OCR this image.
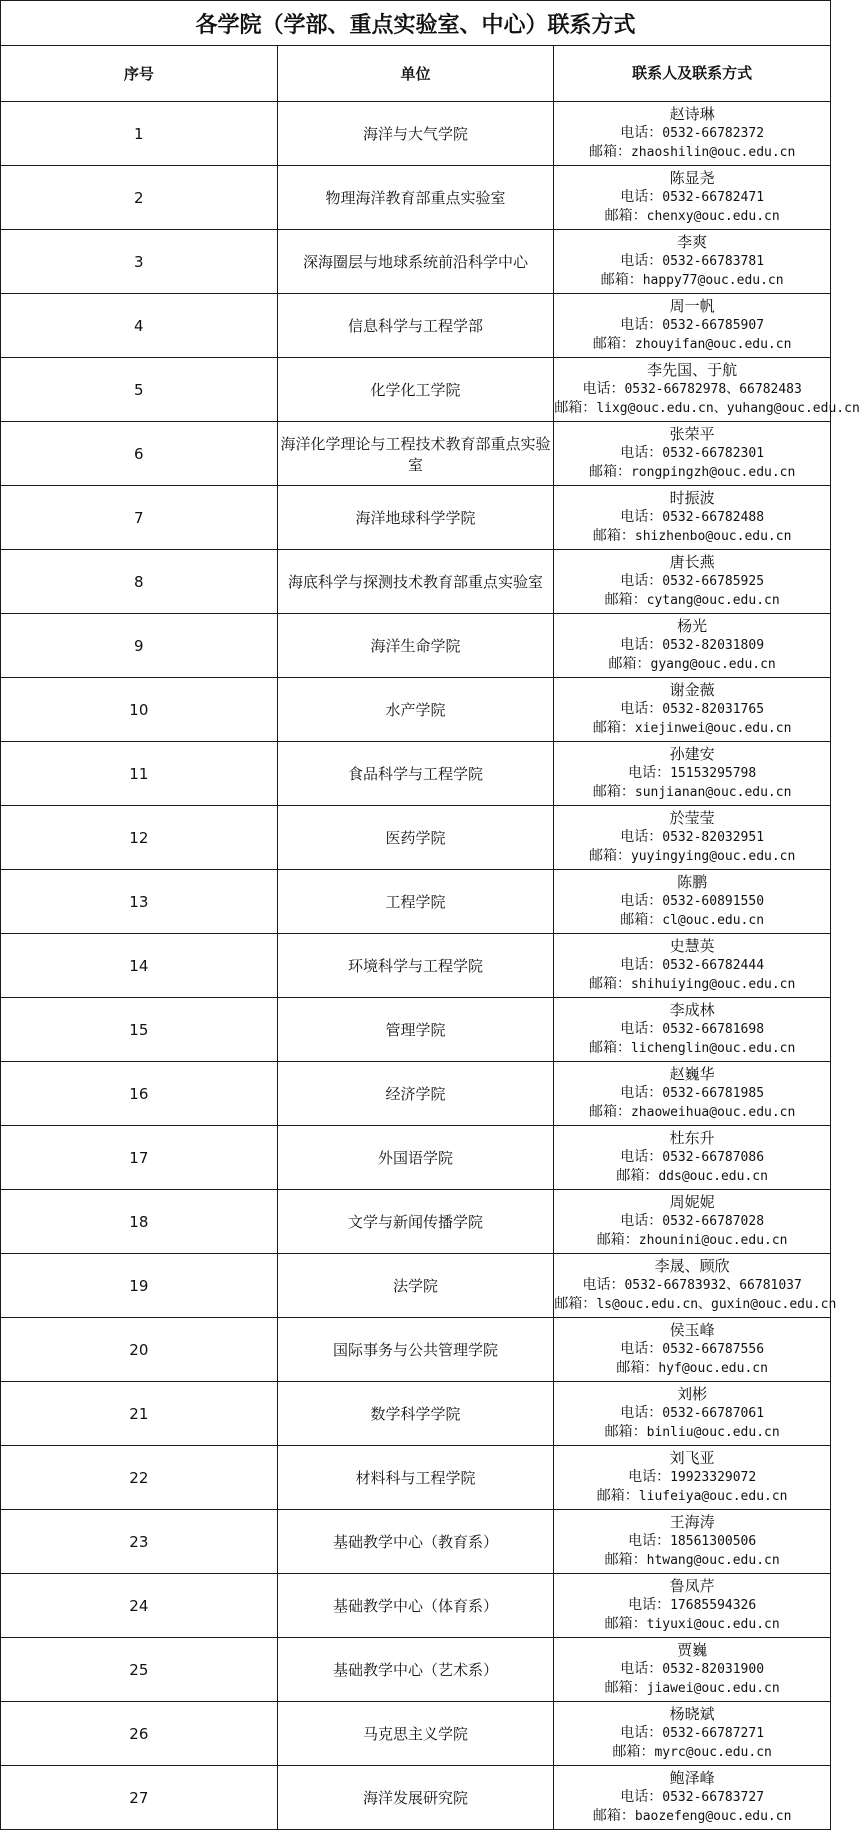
各学院（学部、重点实验室、中心）联系方式		
序号	单位	联系人及联系方式
1	海洋与大气学院	赵诗琳
电话：0532-66782372
邮箱：zhaoshilin@ouc.edu.cn

2	物理海洋教育部重点实验室	陈显尧
电话：0532-66782471
邮箱：chenxy@ouc.edu.cn

3	深海圈层与地球系统前沿科学中心	李爽
电话：0532-66783781
邮箱：happy77@ouc.edu.cn

4	信息科学与工程学部	周一帆
电话：0532-66785907
邮箱：zhouyifan@ouc.edu.cn

5	化学化工学院	李先国、于航
电话：0532-66782978、66782483
邮箱：lixg@ouc.edu.cn、yuhang@ouc.edu.cn

6	海洋化学理论与工程技术教育部重点实验室	张荣平
电话：0532-66782301
邮箱：rongpingzh@ouc.edu.cn

7	海洋地球科学学院	时振波
电话：0532-66782488
邮箱：shizhenbo@ouc.edu.cn

8	海底科学与探测技术教育部重点实验室	唐长燕
电话：0532-66785925
邮箱：cytang@ouc.edu.cn

9	海洋生命学院	杨光
电话：0532-82031809
邮箱：gyang@ouc.edu.cn

10	水产学院	谢金薇
电话：0532-82031765
邮箱：xiejinwei@ouc.edu.cn

11	食品科学与工程学院	孙建安
电话：15153295798
邮箱：sunjianan@ouc.edu.cn

12	医药学院	於莹莹
电话：0532-82032951
邮箱：yuyingying@ouc.edu.cn

13	工程学院	陈鹏
电话：0532-60891550
邮箱：cl@ouc.edu.cn

14	环境科学与工程学院	史慧英
电话：0532-66782444
邮箱：shihuiying@ouc.edu.cn

15	管理学院	李成林
电话：0532-66781698
邮箱：lichenglin@ouc.edu.cn

16	经济学院	赵巍华
电话：0532-66781985
邮箱：zhaoweihua@ouc.edu.cn

17	外国语学院	杜东升
电话：0532-66787086
邮箱：dds@ouc.edu.cn

18	文学与新闻传播学院	周妮妮
电话：0532-66787028
邮箱：zhounini@ouc.edu.cn

19	法学院	李晟、顾欣
电话：0532-66783932、66781037
邮箱：ls@ouc.edu.cn、guxin@ouc.edu.cn

20	国际事务与公共管理学院	侯玉峰
电话：0532-66787556
邮箱：hyf@ouc.edu.cn

21	数学科学学院	刘彬
电话：0532-66787061
邮箱：binliu@ouc.edu.cn

22	材料科与工程学院	刘飞亚
电话：19923329072
邮箱：liufeiya@ouc.edu.cn

23	基础教学中心（教育系）	王海涛
电话：18561300506
邮箱：htwang@ouc.edu.cn

24	基础教学中心（体育系）	鲁凤芹
电话：17685594326
邮箱：tiyuxi@ouc.edu.cn

25	基础教学中心（艺术系）	贾巍
电话：0532-82031900
邮箱：jiawei@ouc.edu.cn

26	马克思主义学院	杨晓斌
电话：0532-66787271
邮箱：myrc@ouc.edu.cn

27	海洋发展研究院	鲍泽峰
电话：0532-66783727
邮箱：baozefeng@ouc.edu.cn
